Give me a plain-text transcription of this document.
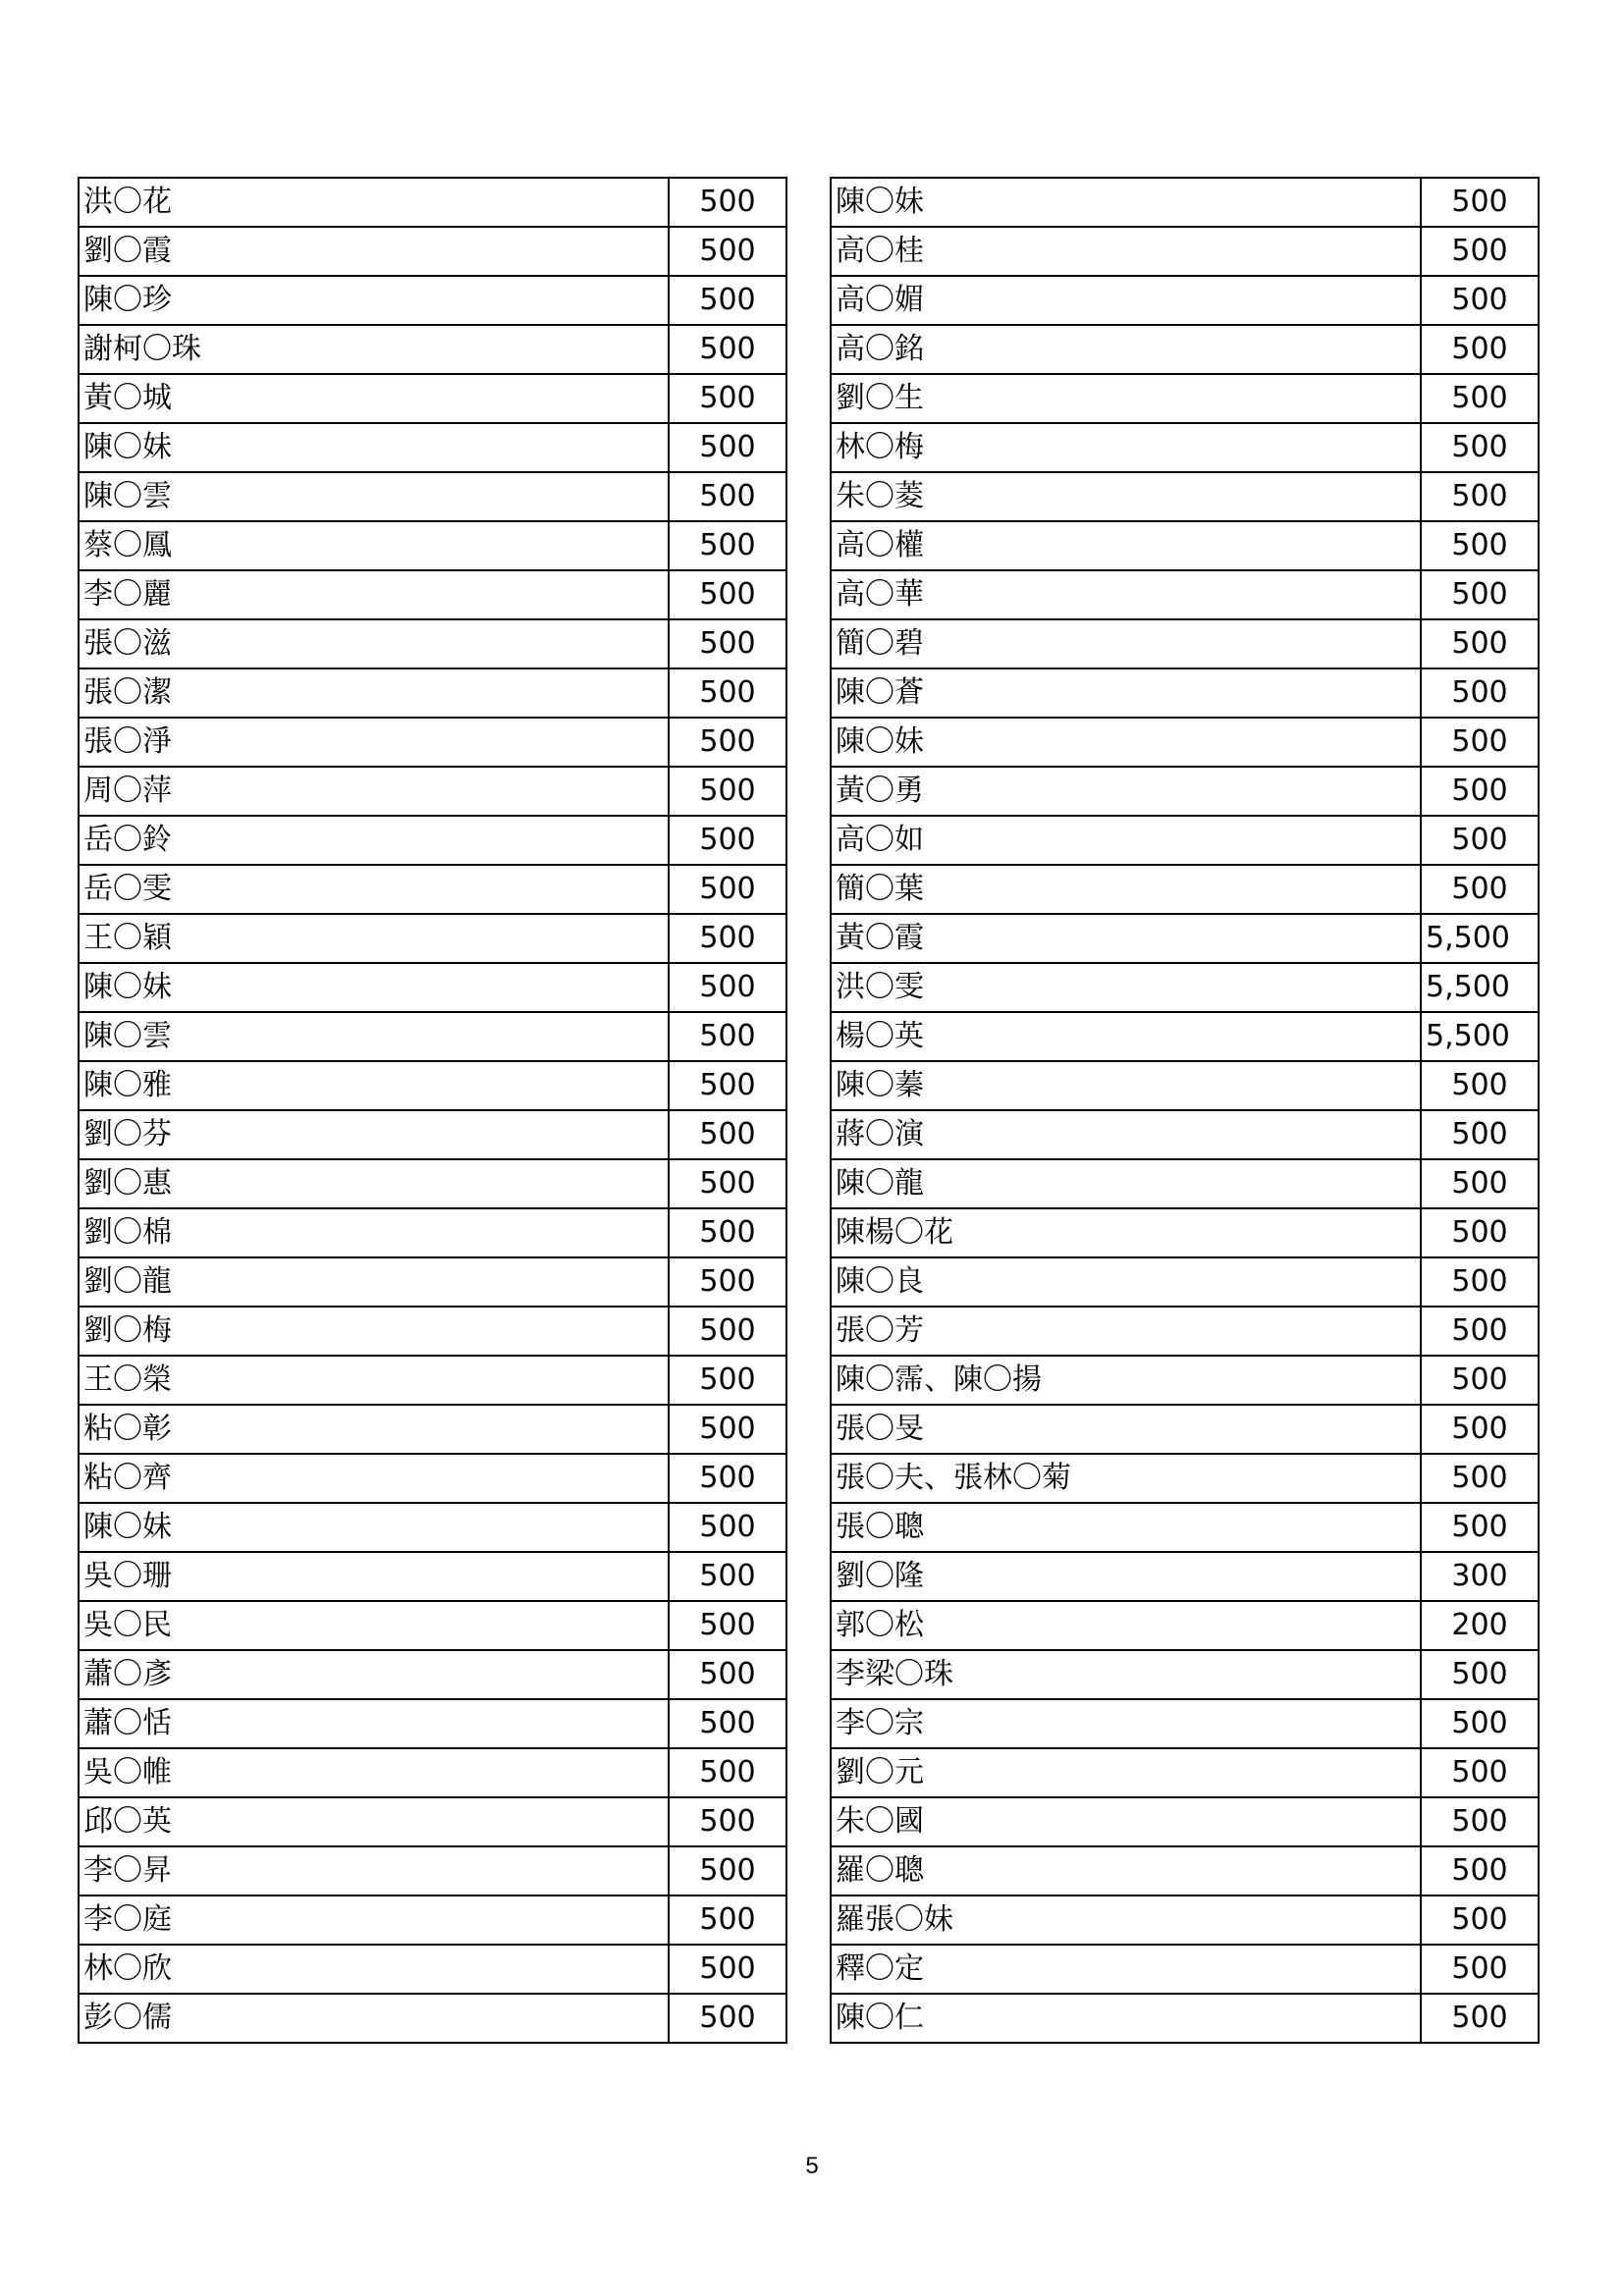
洪〇花	500
劉〇霞	500
陳〇珍	500
謝柯〇珠	500
黃〇城	500
陳〇妹	500
陳〇雲	500
蔡〇鳳	500
李〇麗	500
張〇滋	500
張〇潔	500
張〇淨	500
周〇萍	500
岳〇鈴	500
岳〇雯	500
王〇穎	500
陳〇妹	500
陳〇雲	500
陳〇雅	500
劉〇芬	500
劉〇惠	500
劉〇棉	500
劉〇龍	500
劉〇梅	500
王〇榮	500
粘〇彰	500
粘〇齊	500
陳〇妹	500
吳〇珊	500
吳〇民	500
蕭〇彥	500
蕭〇恬	500
吳〇帷	500
邱〇英	500
李〇昇	500
李〇庭	500
林〇欣	500
彭〇儒	500
陳〇妹	500
高〇桂	500
高〇媚	500
高〇銘	500
劉〇生	500
林〇梅	500
朱〇菱	500
高〇權	500
高〇華	500
簡〇碧	500
陳〇蒼	500
陳〇妹	500
黃〇勇	500
高〇如	500
簡〇葉	500
黃〇霞	5,500
洪〇雯	5,500
楊〇英	5,500
陳〇蓁	500
蔣〇演	500
陳〇龍	500
陳楊〇花	500
陳〇良	500
張〇芳	500
陳〇霈、陳〇揚	500
張〇旻	500
張〇夫、張林〇菊	500
張〇聰	500
劉〇隆	300
郭〇松	200
李梁〇珠	500
李〇宗	500
劉〇元	500
朱〇國	500
羅〇聰	500
羅張〇妹	500
釋〇定	500
陳〇仁	500
5
